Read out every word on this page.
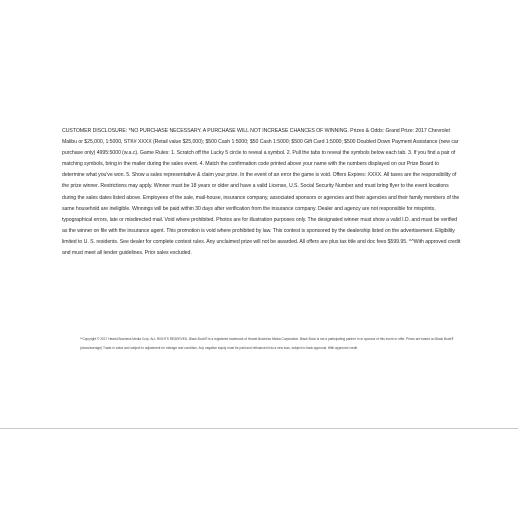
CUSTOMER DISCLOSURE: *NO PURCHASE NECESSARY. A PURCHASE WILL NOT INCREASE CHANCES OF WINNING. Prizes & Odds: Grand Prize: 2017 Chevrolet Malibu or $25,000, 1:5000, STK# XXXX (Retail value $25,000); $500 Cash 1:5000; $50 Cash 1:5000; $500 Gift Card 1:5000; $500 Doubled Down Payment Assistance (new car purchase only) 4995:5000 (w.a.c). Game Rules: 1. Scratch off the Lucky 5 circle to reveal a symbol. 2. Pull the tabs to reveal the symbols below each tab. 3. If you find a pair of matching symbols, bring in the mailer during the sales event. 4. Match the confirmation code printed above your name with the numbers displayed on our Prize Board to determine what you've won. 5. Show a sales representative & claim your prize. In the event of an error the game is void. Offers Expires: XXXX. All taxes are the responsibility of the prize winner. Restrictions may apply. Winner must be 18 years or older and have a valid License, U.S. Social Security Number and must bring flyer to the event locations during the sales dates listed above. Employees of the sale, mail-house, insurance company, associated sponsors or agencies and their agencies and their family members of the same household are ineligible. Winnings will be paid within 30 days after verification from the insurance company. Dealer and agency are not responsible for misprints, typographical errors, late or misdirected mail. Void where prohibited. Photos are for illustration purposes only. The designated winner must show a valid I.D. and must be verified as the winner on file with the insurance agent. This promotion is void where prohibited by law. This contest is sponsored by the dealership listed on the advertisement. Eligibility limited to U. S. residents. See dealer for complete contest rules. Any unclaimed prize will not be awarded. All offers are plus tax title and doc fees $599.95. ^^With approved credit and must meet all lender guidelines. Prior sales excluded.

**Copyright © 2017 Hearst Business Media Corp. ALL RIGHTS RESERVED. Black Book® is a registered trademark of Hearst Business Media Corporation. Black Book is not a participating partner in or sponsor of this event or offer. Prices are based on Black Book® (clean/average) Trade-in value and subject to adjustment for mileage and condition. Any negative equity must be paid and refinanced into a new loan, subject to bank approval. With approved credit.
